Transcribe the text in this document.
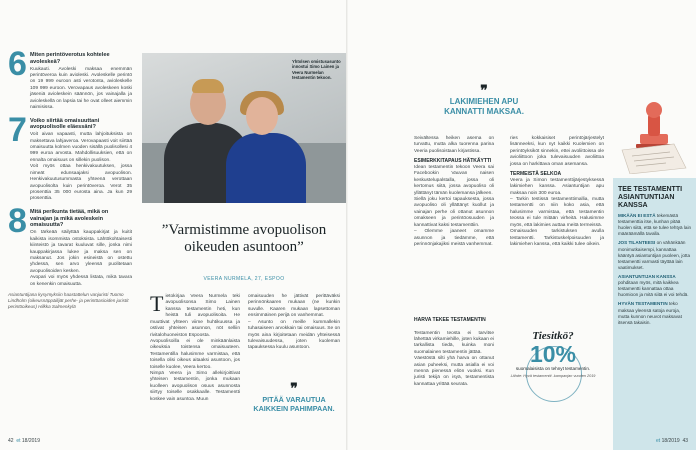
6 Miten perintöverotus kohtelee avoleskeä?
Kuukauti. Avoleski maksaa enemmän perintöveroa kuin avioleski. Avoleskelle perintö on 19 999 euroon asti verotonta, avioleskelle 109 999 euroon. Verovapaus avoleskeen koski jäseniä avioleskein säännön, jos vainajalla ja avioleskellä on lapsia tai he ovat olleet aiemmin naimisissa.
7 Voiko siirtää omaisuuttani avopuolisolle eläessäni?
Voit aivan vapaasti, mutta lahjoituksista on maksettava lahjaveroa. Verovapaasti voit siirtää omaisuutta kolmen vuoden sisällä puolisollesi 4 999 euroa arvosta. Mahdollisuuksien, että on ennalta omaisuus on sillekin puolison.
Voit myös ottaa henkivakuutuksen, jossa nimeät edunsaajaksi avopuolison. Henkivakuutusummasta yhteenä verottaan avopuolisolta kuin perintöveroa. Verot 35 prosenttia 35 000 eurosta aina. Ja kun 29 prosenttia.
8 Mitä perikunta tietää, mikä on vainajan ja mikä avoleskein omaisuutta?
On tärkeää säilyttää kauppakirjat ja kuitit kaikista isommista ostoksista. Lähtökohtaisesti kiinteistö ja tavarat kuuluvat sille, jonka nimi kauppakirjassa lukee ja maksa sen on maksanut. Jos jokin esineistä on ostettu yhdessä, sen arvo yleensä puolitetaan avopuolisoiden kesken.
Avopari voi myös yhdessä listata, mikä tavara on kenenkin omaisuutta.
Asiantuntijana kysymyksiin haastattelun vanjuristi Tuomo Lindholm (oikeusnäppäilijät perhe- ja perintöasioiden juristit perintöoikeus) Hilkka Salmenkylä
Yhtolsen omistusasunto innostui Simo Lainen ja Veera Nurmelan testamentin tekoon.
”Varmistimme avopuolison oikeuden asuntoon”
VEERA NURMELA, 27, ESPOO
Tietokirjaa Veera Nurmela teki avopuolisonsa Simo Lainen kanssa testamentin heti, kun heistä tuli avopuolisoita. He muuttivat yhteen viime huhtikuussa ja ostivat yhteisen asunnon, nöt selliin rivitalohuoneiston Espoosta.
Avopuolisoilla ei ole minkäänlaista oikeuksia toistensa omaisuuteen. Testamentilla halusimme varmistaa, että toisella olisi oikeus aitaaksi asuntoon, jos toiselle kuolee, Veera kertoo.
Nimpä Veera ja Simo allekirjoittivat yhteisen testamentin, jonka mukaan kuolleen avopuolison osuus asunnosta siirtyy toiselle osakkaalle. Testamentti koskee vain asuntoa. Muun
omaisuuden he jättivät perittäväksi perinnönkaaren mukaan (ne kunkin suvulle. Kaaren mukaan lapsettoman ensimmäinen perijä on vanhemmat.
– Asunto on meille kummallekin tuhasaiseen arvokkain tai omaisuus. Se on myös aina kirjoitetaan meidän yhteisessä tulevaisuudessa, joten kuoleman tapauksessa kuulu asuntoon.
❞
PITÄÄ VARAUTUA KAIKKEIN PAHIMPAAN.
42 et 18/2019
❞
LAKIMIEHEN APU KANNATTI MAKSAA.
Seivältessa heiken asema on turvattu, mutta alka tuorenna parina Veeria puolisoistaan kirjastissa.
ESIMERKKITAPAUS HÄTKÄYTTI
Idean testamentin tekoon Veera sai Facebookin Vauvan naisen keskustelupalstalla, jossa oli kertomus siitä, jossa avopuoliso oli yllättänyt tämän kuolemansa jälkeen.
Siellä joku kertoi tapauksesta, jossa avopuoliso oli yllättänyt kuollut ja vainajan perhe oli ottanut asunnon omakseen ja perintöosuuden ja kannattivat kaksi testamenttiin.
– Olemme jaaneet omamme asunnon ja tiedämme, että perinnönjakajiksi meistä vanhemmat.

HARVA TEKEE TESTAMENTIN

Testamentin teosta ei tarvitse lähettää virkamiehille, joten kukaan ei tarkallista tiedä, kuinka moni suomalainen testamentin jättää.
Väestöstä silti yhä harva on ottanut asian puheeksi, mutta asialla ei voi mennä pienessä eliön vuoksi. Kun juristi tekijä on isyä, testamentista kannattaa yrittää seurata.

ries kokkaisiset perintöjärjestelyt lisänneeksi, kun nyt kaikki Kuolemien on perintöyksiköt sinnekin, ettei avoliittoissa ole avioliittoon joka tulevaisuuden avoliittoa jossa on harkittava oman asemansa.
TERMEISTÄ SELKOA
Veera ja Simon testamenttijärjestyksessä lakimiehen kanssa. Asiantuntijan apu maksaa noin 300 euroa.
– Tarkin testissä testamenttimallia, mutta testamentti on niin koko asia, että halusimme varmistaa, että testamentin teossa ei tule mitään virheitä. Halusimme myös, että lakimies auttaa meitä termeissä.
Omaisuuden tarkistuksen avulla testamentti. Tarkistuskelpoisuuden ja lakimiehen kanssa, että kaikki tulee oikein.
Tiesitkö?
10%
suomalaisista on tehnyt testamentin.
Lähde: Hyvä testamentti -kampanjan vuoden 2019
TEE TESTAMENTTI ASIANTUNTIJAN KANSSA

MIKÄÄN EI ESTÄ tekemästä testamenttia itse, kunhan pitää huolen siitä, että se tulee tehtyä lain määräämällä tavalla.

JOS TILANTEESI on vähänkään monimutkaisempi, kannattaa kääntyä asiantuntijan puoleen, jotta testamentti varmasti täyttää lain vaatimukset.

ASIANTUNTIJAN KANSSA pohditaan myös, mitä kaikkea testamentti kannattaa ottaa huomioon ja mitä siitä ei voi tehdä.

HYVÄN TESTAMENTIN teko maksaa yleensä satoja euroja, mutta kunnon neuvot maksavat itsensä takaisin.

et 18/2019 43
